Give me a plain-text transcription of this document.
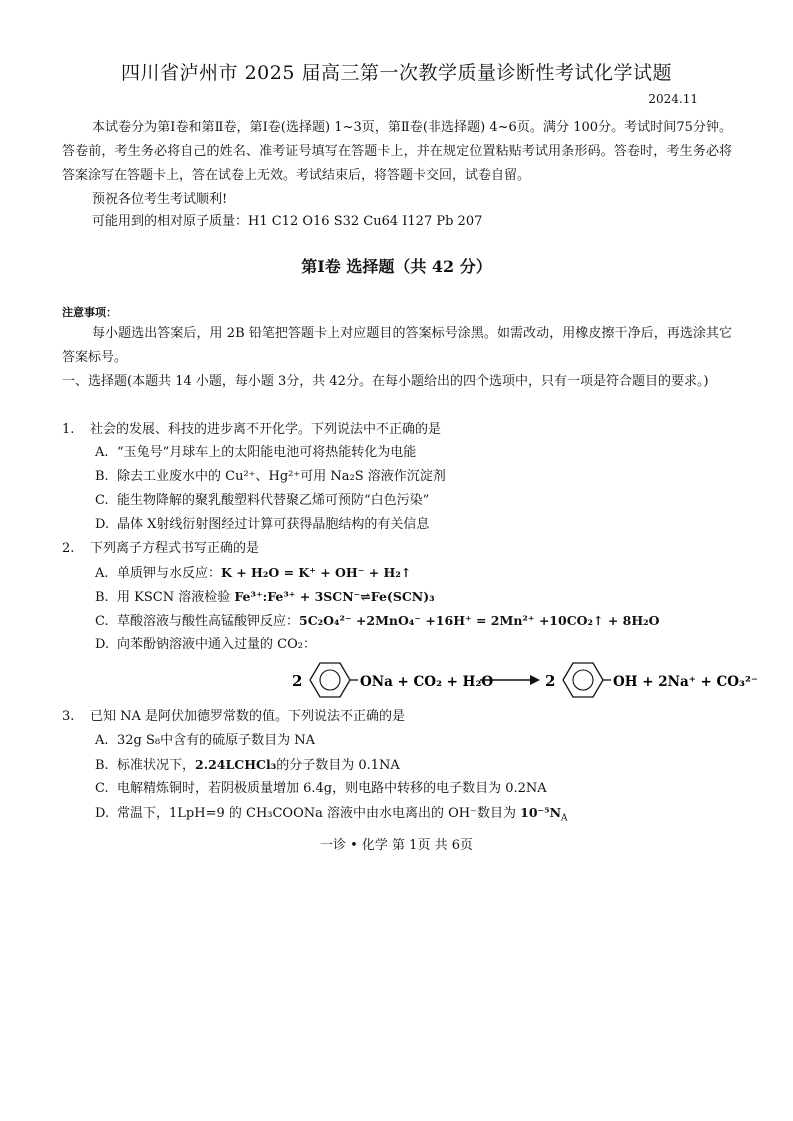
四川省泸州市 2025 届高三第一次教学质量诊断性考试化学试题
2024.11
本试卷分为第Ⅰ卷和第Ⅱ卷，第Ⅰ卷(选择题) 1~3页，第Ⅱ卷(非选择题) 4~6页。满分 100分。考试时间75分钟。答卷前，考生务必将自己的姓名、准考证号填写在答题卡上，并在规定位置粘贴考试用条形码。答卷时，考生务必将答案涂写在答题卡上，答在试卷上无效。考试结束后，将答题卡交回，试卷自留。
预祝各位考生考试顺利!
可能用到的相对原子质量：H1 C12 O16 S32 Cu64 I127 Pb 207
第Ⅰ卷 选择题（共 42 分）
注意事项：
每小题选出答案后，用 2B 铅笔把答题卡上对应题目的答案标号涂黑。如需改动，用橡皮擦干净后，再选涂其它答案标号。
一、选择题(本题共 14 小题，每小题 3分，共 42分。在每小题给出的四个选项中，只有一项是符合题目的要求。)
1. 社会的发展、科技的进步离不开化学。下列说法中不正确的是
A. “玉兔号”月球车上的太阳能电池可将热能转化为电能
B. 除去工业废水中的 Cu²⁺、Hg²⁺可用 Na₂S 溶液作沉淀剂
C. 能生物降解的聚乳酸塑料代替聚乙烯可预防“白色污染”
D. 晶体 X射线衍射图经过计算可获得晶胞结构的有关信息
2. 下列离子方程式书写正确的是
A. 单质钾与水反应：K + H₂O = K⁺ + OH⁻ + H₂↑
B. 用 KSCN 溶液检验 Fe³⁺:Fe³⁺ + 3SCN⁻⇌Fe(SCN)₃
C. 草酸溶液与酸性高锰酸钾反应：5C₂O₄²⁻ +2MnO₄⁻ +16H⁺ = 2Mn²⁺ +10CO₂↑ + 8H₂O
D. 向苯酚钠溶液中通入过量的 CO₂：
2	ONa + CO₂ + H₂O	2	OH + 2Na⁺ + CO₃²⁻
3. 已知 NA 是阿伏加德罗常数的值。下列说法不正确的是
A. 32g S₈中含有的硫原子数目为 NA
B. 标准状况下，2.24LCHCl₃的分子数目为 0.1NA
C. 电解精炼铜时，若阴极质量增加 6.4g，则电路中转移的电子数目为 0.2NA
D. 常温下，1LpH=9 的 CH₃COONa 溶液中由水电离出的 OH⁻数目为 $10^{-5}N_A$
一诊 • 化学 第 1页 共 6页
